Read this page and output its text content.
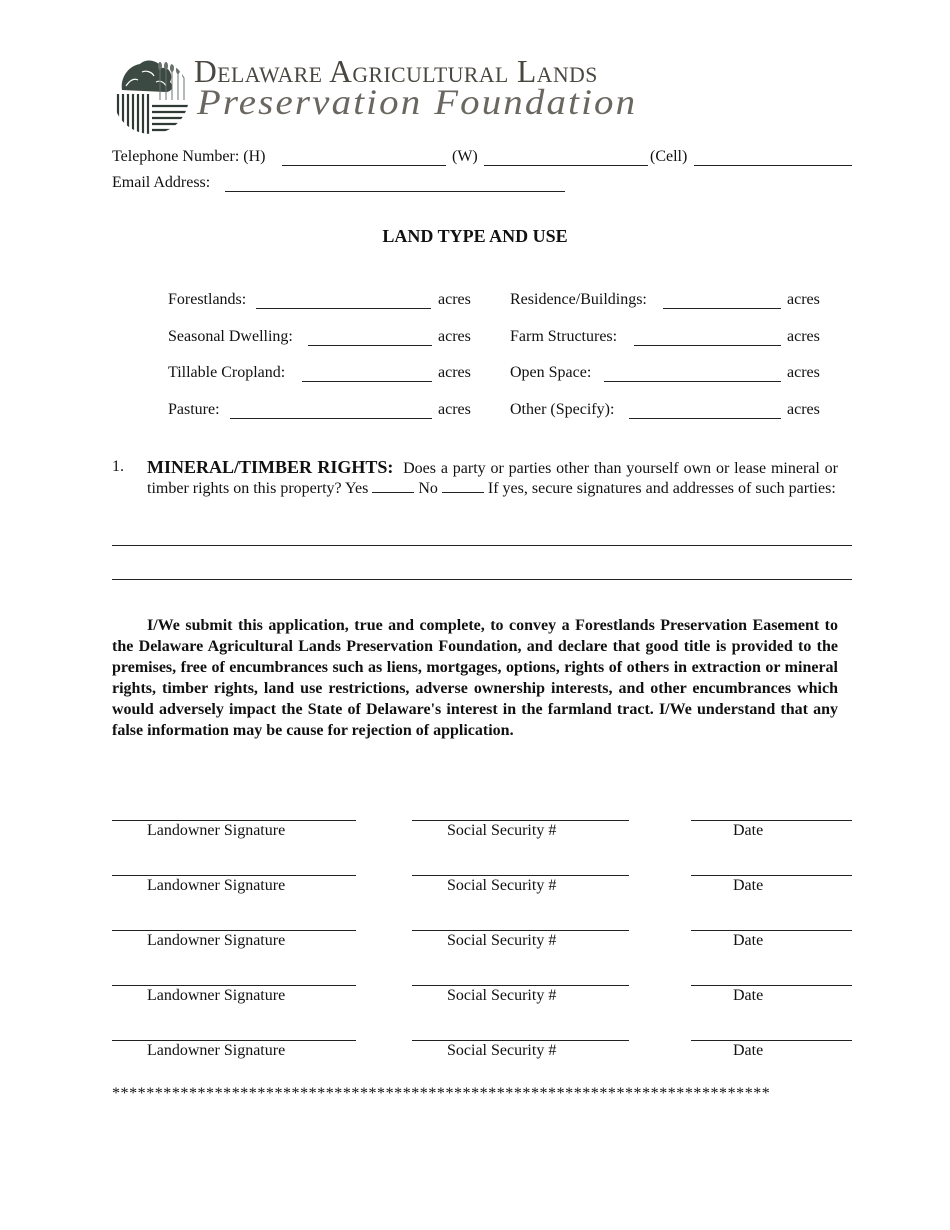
Delaware Agricultural Lands
Preservation Foundation
Telephone Number: (H)	(W)	(Cell)
Email Address:
LAND TYPE AND USE
Forestlands:	acres
Seasonal Dwelling:	acres
Tillable Cropland:	acres
Pasture:	acres
Residence/Buildings:	acres
Farm Structures:	acres
Open Space:	acres
Other (Specify):	acres
1. MINERAL/TIMBER RIGHTS: Does a party or parties other than yourself own or lease mineral or timber rights on this property? Yes	No	If yes, secure signatures and addresses of such parties:
I/We submit this application, true and complete, to convey a Forestlands Preservation Easement to the Delaware Agricultural Lands Preservation Foundation, and declare that good title is provided to the premises, free of encumbrances such as liens, mortgages, options, rights of others in extraction or mineral rights, timber rights, land use restrictions, adverse ownership interests, and other encumbrances which would adversely impact the State of Delaware's interest in the farmland tract. I/We understand that any false information may be cause for rejection of application.
Landowner Signature	Social Security #	Date
Landowner Signature	Social Security #	Date
Landowner Signature	Social Security #	Date
Landowner Signature	Social Security #	Date
Landowner Signature	Social Security #	Date
*****************************************************************************
